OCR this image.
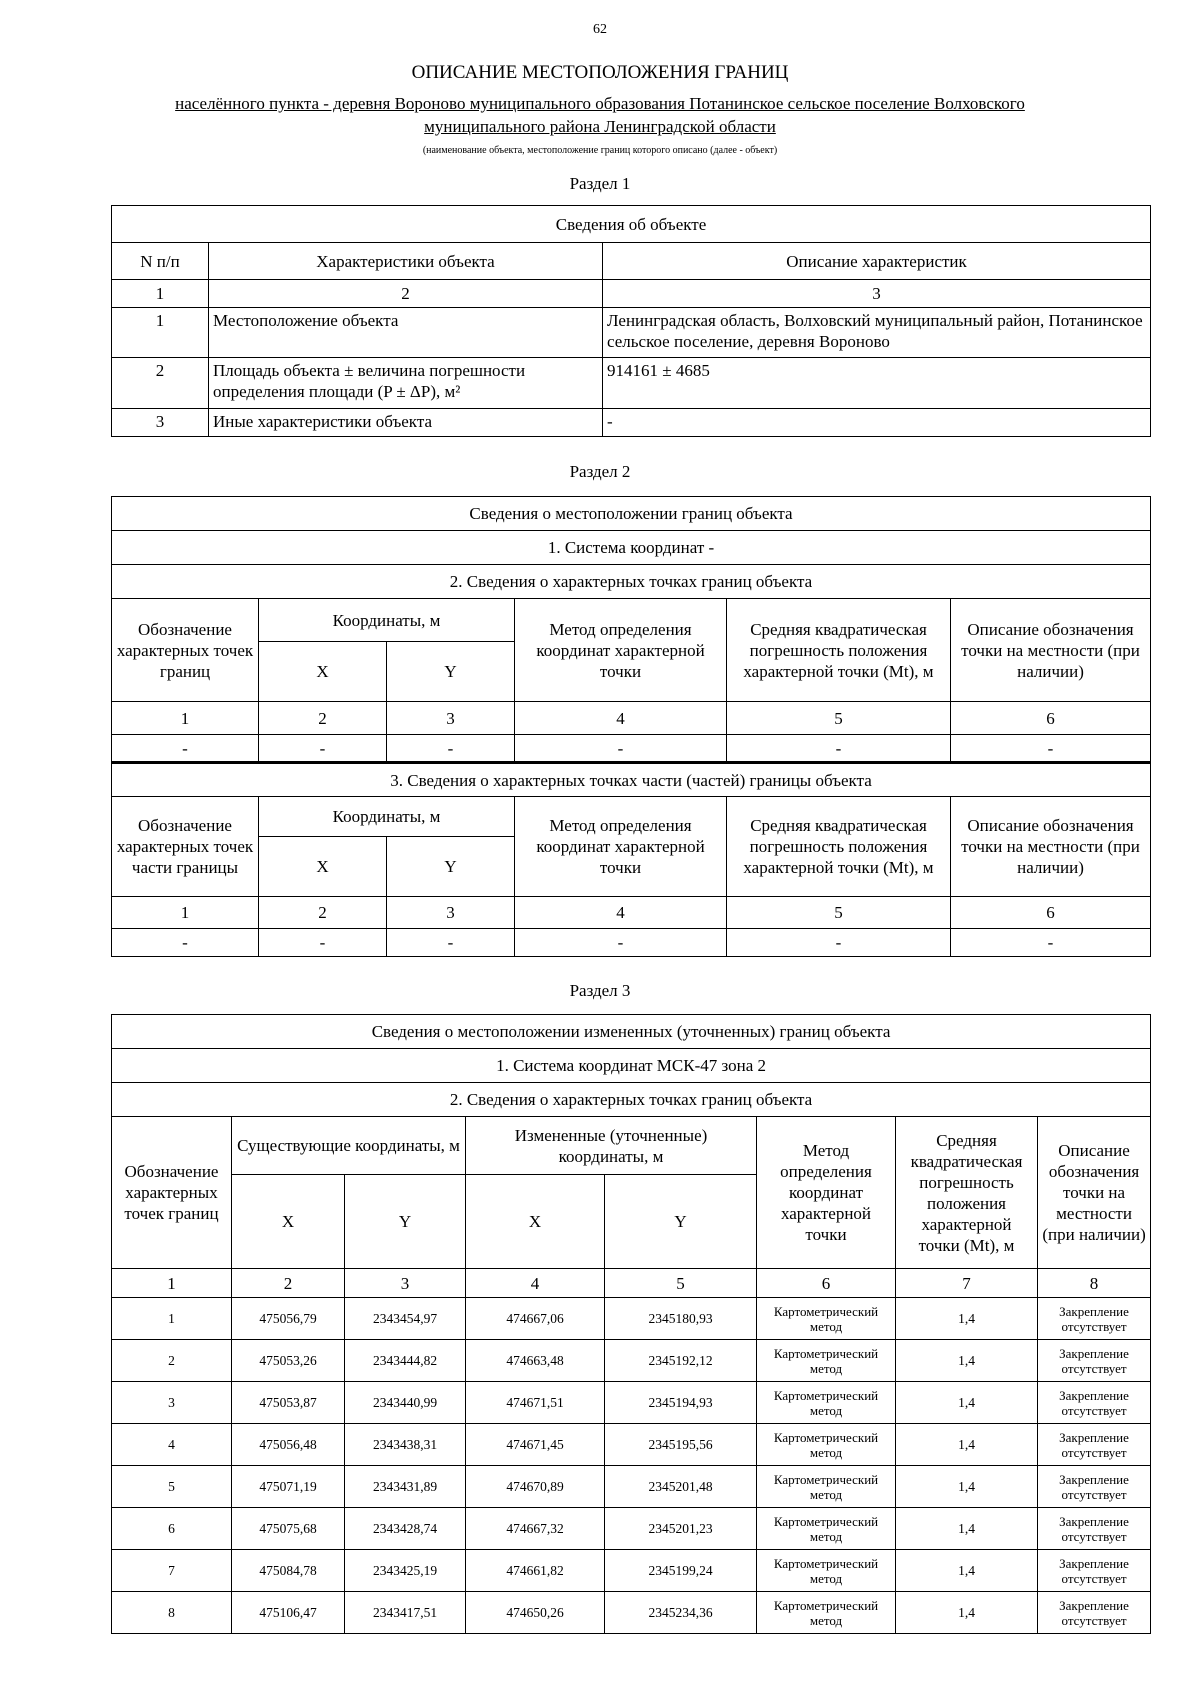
62
ОПИСАНИЕ МЕСТОПОЛОЖЕНИЯ ГРАНИЦ
населённого пункта - деревня Вороново муниципального образования Потанинское сельское поселение Волховского
муниципального района Ленинградской области
(наименование объекта, местоположение границ которого описано (далее - объект)
Раздел 1
Сведения об объекте		
N п/п	Характеристики объекта	Описание характеристик
1	2	3
1	Местоположение объекта	Ленинградская область, Волховский муниципальный район, Потанинское сельское поселение, деревня Вороново
2	Площадь объекта ± величина погрешности определения площади (P ± ΔP), м²	914161 ± 4685
3	Иные характеристики объекта	-
Раздел 2
Сведения о местоположении границ объекта					
1. Система координат -					
2. Сведения о характерных точках границ объекта					
Обозначение характерных точек границ	Координаты, м		Метод определения координат характерной точки	Средняя квадратическая погрешность положения характерной точки (Mt), м	Описание обозначения точки на местности (при наличии)
	X	Y			
1	2	3	4	5	6
-	-	-	-	-	-
3. Сведения о характерных точках части (частей) границы объекта					
Обозначение характерных точек части границы	Координаты, м		Метод определения координат характерной точки	Средняя квадратическая погрешность положения характерной точки (Mt), м	Описание обозначения точки на местности (при наличии)
	X	Y			
1	2	3	4	5	6
-	-	-	-	-	-
Раздел 3
Сведения о местоположении измененных (уточненных) границ объекта							
1. Система координат МСК-47 зона 2							
2. Сведения о характерных точках границ объекта							
Обозначение характерных точек границ	Существующие координаты, м		Измененные (уточненные) координаты, м		Метод определения координат характерной точки	Средняя квадратическая погрешность положения характерной точки (Mt), м	Описание обозначения точки на местности (при наличии)
	X	Y	X	Y			
1	2	3	4	5	6	7	8
1	475056,79	2343454,97	474667,06	2345180,93	Картометрический метод	1,4	Закрепление отсутствует
2	475053,26	2343444,82	474663,48	2345192,12	Картометрический метод	1,4	Закрепление отсутствует
3	475053,87	2343440,99	474671,51	2345194,93	Картометрический метод	1,4	Закрепление отсутствует
4	475056,48	2343438,31	474671,45	2345195,56	Картометрический метод	1,4	Закрепление отсутствует
5	475071,19	2343431,89	474670,89	2345201,48	Картометрический метод	1,4	Закрепление отсутствует
6	475075,68	2343428,74	474667,32	2345201,23	Картометрический метод	1,4	Закрепление отсутствует
7	475084,78	2343425,19	474661,82	2345199,24	Картометрический метод	1,4	Закрепление отсутствует
8	475106,47	2343417,51	474650,26	2345234,36	Картометрический метод	1,4	Закрепление отсутствует
